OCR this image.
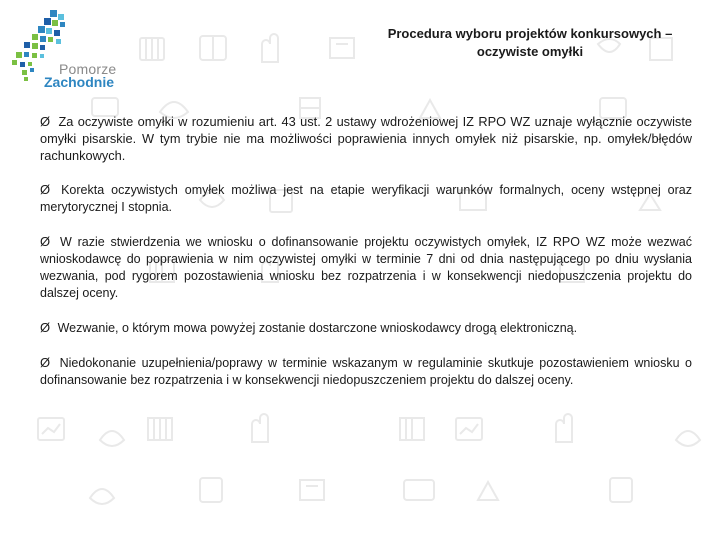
Pomorze
Zachodnie
Procedura wyboru projektów konkursowych –
oczywiste omyłki

Ø Za oczywiste omyłki w rozumieniu art. 43 ust. 2 ustawy wdrożeniowej IZ RPO WZ uznaje wyłącznie oczywiste omyłki pisarskie. W tym trybie nie ma możliwości poprawienia innych omyłek niż pisarskie, np. omyłek/błędów rachunkowych.

Ø Korekta oczywistych omyłek możliwa jest na etapie weryfikacji warunków formalnych, oceny wstępnej oraz merytorycznej I stopnia.

Ø W razie stwierdzenia we wniosku o dofinansowanie projektu oczywistych omyłek, IZ RPO WZ może wezwać wnioskodawcę do poprawienia w nim oczywistej omyłki w terminie 7 dni od dnia następującego po dniu wysłania wezwania, pod rygorem pozostawienia wniosku bez rozpatrzenia i w konsekwencji niedopuszczenia projektu do dalszej oceny.

Ø Wezwanie, o którym mowa powyżej zostanie dostarczone wnioskodawcy drogą elektroniczną.

Ø Niedokonanie uzupełnienia/poprawy w terminie wskazanym w regulaminie skutkuje pozostawieniem wniosku o dofinansowanie bez rozpatrzenia i w konsekwencji niedopuszczeniem projektu do dalszej oceny.
